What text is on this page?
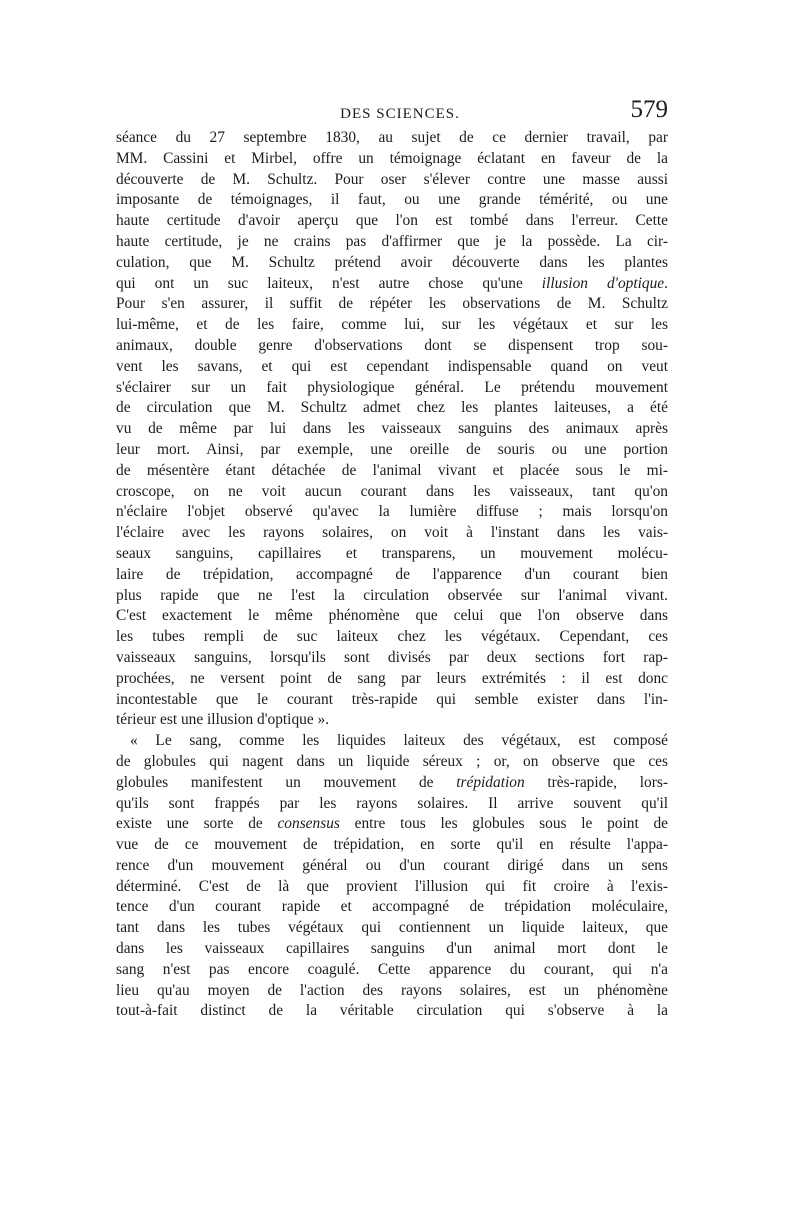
DES SCIENCES.	579
séance du 27 septembre 1830, au sujet de ce dernier travail, par
MM. Cassini et Mirbel, offre un témoignage éclatant en faveur de la
découverte de M. Schultz. Pour oser s'élever contre une masse aussi
imposante de témoignages, il faut, ou une grande témérité, ou une
haute certitude d'avoir aperçu que l'on est tombé dans l'erreur. Cette
haute certitude, je ne crains pas d'affirmer que je la possède. La cir-
culation, que M. Schultz prétend avoir découverte dans les plantes
qui ont un suc laiteux, n'est autre chose qu'une illusion d'optique.
Pour s'en assurer, il suffit de répéter les observations de M. Schultz
lui-même, et de les faire, comme lui, sur les végétaux et sur les
animaux, double genre d'observations dont se dispensent trop sou-
vent les savans, et qui est cependant indispensable quand on veut
s'éclairer sur un fait physiologique général. Le prétendu mouvement
de circulation que M. Schultz admet chez les plantes laiteuses, a été
vu de même par lui dans les vaisseaux sanguins des animaux après
leur mort. Ainsi, par exemple, une oreille de souris ou une portion
de mésentère étant détachée de l'animal vivant et placée sous le mi-
croscope, on ne voit aucun courant dans les vaisseaux, tant qu'on
n'éclaire l'objet observé qu'avec la lumière diffuse ; mais lorsqu'on
l'éclaire avec les rayons solaires, on voit à l'instant dans les vais-
seaux sanguins, capillaires et transparens, un mouvement molécu-
laire de trépidation, accompagné de l'apparence d'un courant bien
plus rapide que ne l'est la circulation observée sur l'animal vivant.
C'est exactement le même phénomène que celui que l'on observe dans
les tubes rempli de suc laiteux chez les végétaux. Cependant, ces
vaisseaux sanguins, lorsqu'ils sont divisés par deux sections fort rap-
prochées, ne versent point de sang par leurs extrémités : il est donc
incontestable que le courant très-rapide qui semble exister dans l'in-
térieur est une illusion d'optique ».
« Le sang, comme les liquides laiteux des végétaux, est composé
de globules qui nagent dans un liquide séreux ; or, on observe que ces
globules manifestent un mouvement de trépidation très-rapide, lors-
qu'ils sont frappés par les rayons solaires. Il arrive souvent qu'il
existe une sorte de consensus entre tous les globules sous le point de
vue de ce mouvement de trépidation, en sorte qu'il en résulte l'appa-
rence d'un mouvement général ou d'un courant dirigé dans un sens
déterminé. C'est de là que provient l'illusion qui fit croire à l'exis-
tence d'un courant rapide et accompagné de trépidation moléculaire,
tant dans les tubes végétaux qui contiennent un liquide laiteux, que
dans les vaisseaux capillaires sanguins d'un animal mort dont le
sang n'est pas encore coagulé. Cette apparence du courant, qui n'a
lieu qu'au moyen de l'action des rayons solaires, est un phénomène
tout-à-fait distinct de la véritable circulation qui s'observe à la
